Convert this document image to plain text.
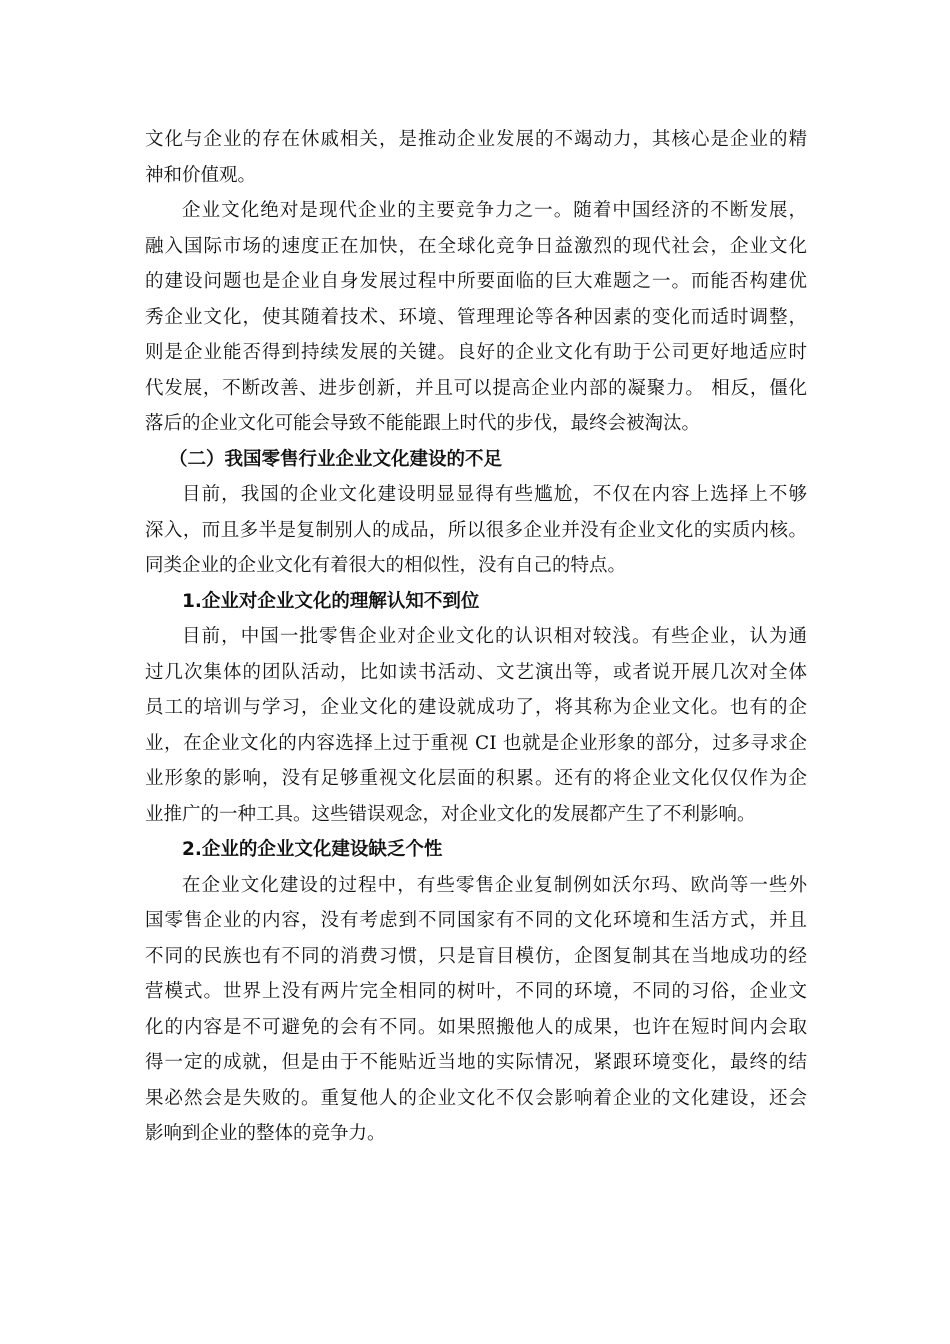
文化与企业的存在休戚相关，是推动企业发展的不竭动力，其核心是企业的精
神和价值观。
企业文化绝对是现代企业的主要竞争力之一。随着中国经济的不断发展，
融入国际市场的速度正在加快，在全球化竞争日益激烈的现代社会，企业文化
的建设问题也是企业自身发展过程中所要面临的巨大难题之一。而能否构建优
秀企业文化，使其随着技术、环境、管理理论等各种因素的变化而适时调整，
则是企业能否得到持续发展的关键。良好的企业文化有助于公司更好地适应时
代发展，不断改善、进步创新，并且可以提高企业内部的凝聚力。 相反，僵化
落后的企业文化可能会导致不能能跟上时代的步伐，最终会被淘汰。
（二）我国零售行业企业文化建设的不足
目前，我国的企业文化建设明显显得有些尴尬，不仅在内容上选择上不够
深入，而且多半是复制别人的成品，所以很多企业并没有企业文化的实质内核。
同类企业的企业文化有着很大的相似性，没有自己的特点。
1.企业对企业文化的理解认知不到位
目前，中国一批零售企业对企业文化的认识相对较浅。有些企业，认为通
过几次集体的团队活动，比如读书活动、文艺演出等，或者说开展几次对全体
员工的培训与学习，企业文化的建设就成功了，将其称为企业文化。也有的企
业，在企业文化的内容选择上过于重视 CI 也就是企业形象的部分，过多寻求企
业形象的影响，没有足够重视文化层面的积累。还有的将企业文化仅仅作为企
业推广的一种工具。这些错误观念，对企业文化的发展都产生了不利影响。
2.企业的企业文化建设缺乏个性
在企业文化建设的过程中，有些零售企业复制例如沃尔玛、欧尚等一些外
国零售企业的内容，没有考虑到不同国家有不同的文化环境和生活方式，并且
不同的民族也有不同的消费习惯，只是盲目模仿，企图复制其在当地成功的经
营模式。世界上没有两片完全相同的树叶，不同的环境，不同的习俗，企业文
化的内容是不可避免的会有不同。如果照搬他人的成果，也许在短时间内会取
得一定的成就，但是由于不能贴近当地的实际情况，紧跟环境变化，最终的结
果必然会是失败的。重复他人的企业文化不仅会影响着企业的文化建设，还会
影响到企业的整体的竞争力。
